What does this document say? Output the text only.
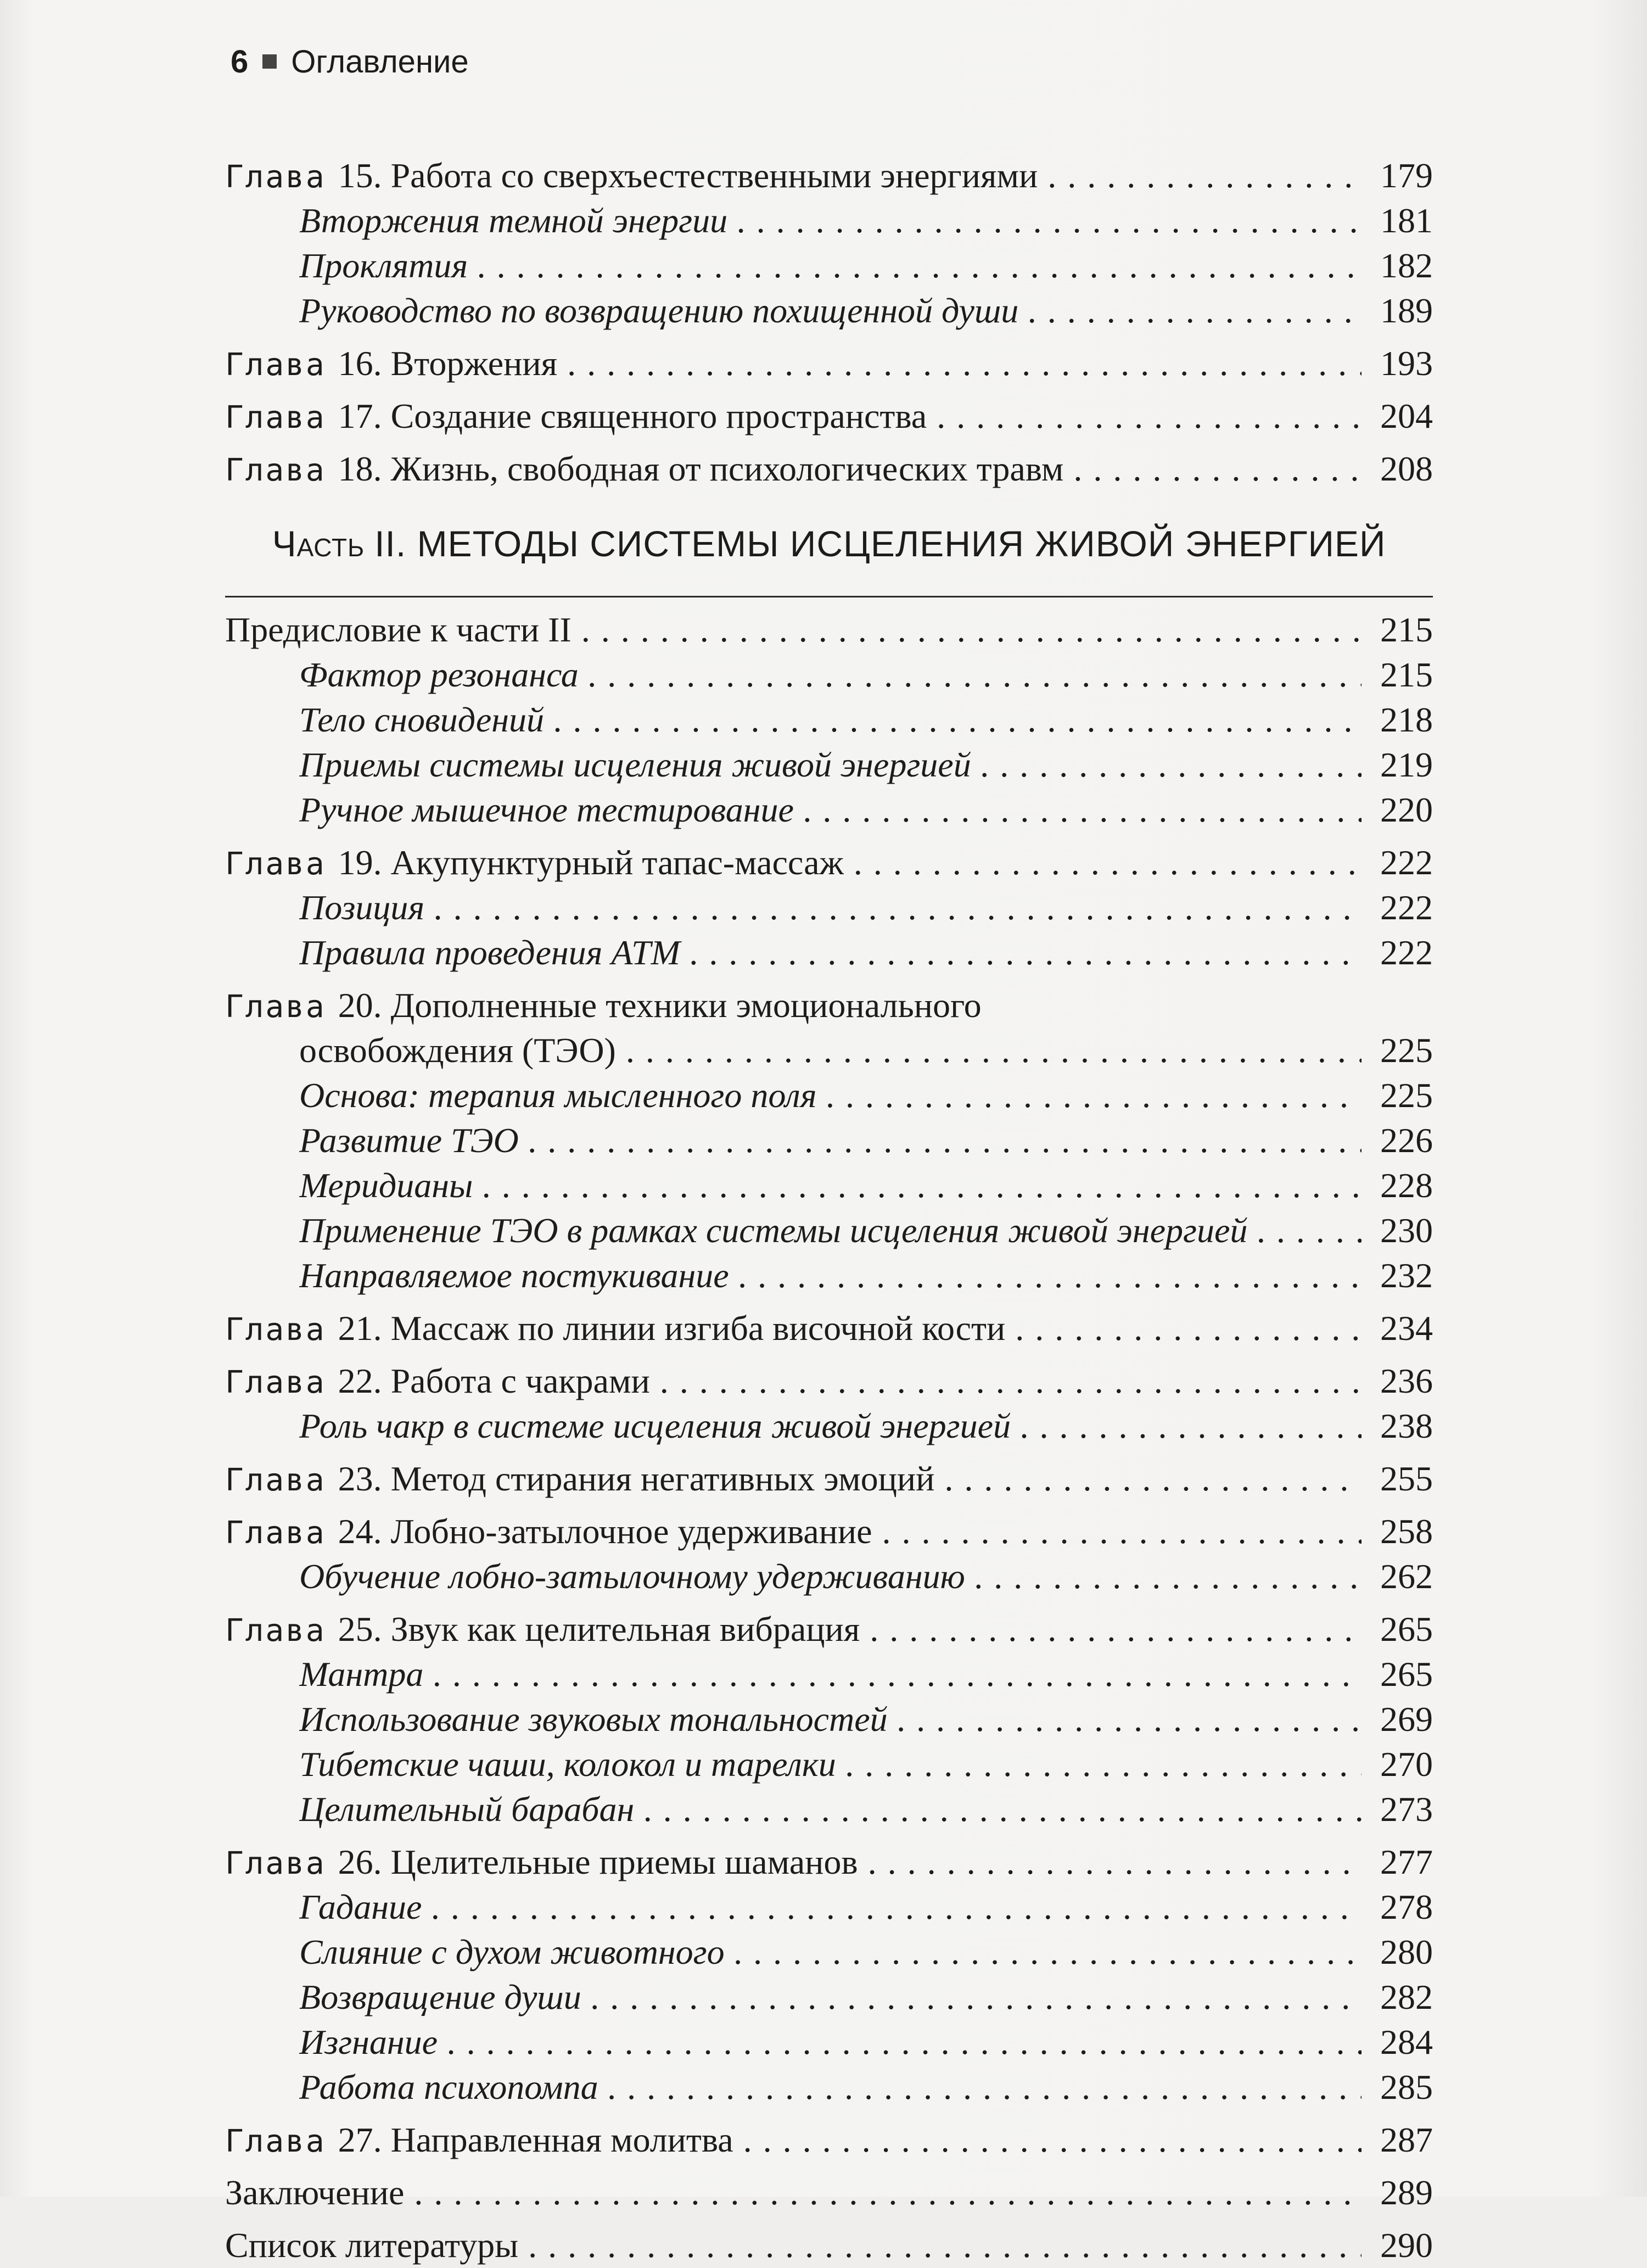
6 Оглавление
Глава 15. Работа со сверхъестественными энергиями . . .	179
Вторжения темной энергии . . .	181
Проклятия . . .	182
Руководство по возвращению похищенной души . . .	189
Глава 16. Вторжения . . .	193
Глава 17. Создание священного пространства . . .	204
Глава 18. Жизнь, свободная от психологических травм . . .	208
Часть II. МЕТОДЫ СИСТЕМЫ ИСЦЕЛЕНИЯ ЖИВОЙ ЭНЕРГИЕЙ
Предисловие к части II . . .	215
Фактор резонанса . . .	215
Тело сновидений . . .	218
Приемы системы исцеления живой энергией . . .	219
Ручное мышечное тестирование . . .	220
Глава 19. Акупунктурный тапас-массаж . . .	222
Позиция . . .	222
Правила проведения АТМ . . .	222
Глава 20. Дополненные техники эмоционального
освобождения (ТЭО) . . .	225
Основа: терапия мысленного поля . . .	225
Развитие ТЭО . . .	226
Меридианы . . .	228
Применение ТЭО в рамках системы исцеления живой энергией . . .	230
Направляемое постукивание . . .	232
Глава 21. Массаж по линии изгиба височной кости . . .	234
Глава 22. Работа с чакрами . . .	236
Роль чакр в системе исцеления живой энергией . . .	238
Глава 23. Метод стирания негативных эмоций . . .	255
Глава 24. Лобно-затылочное удерживание . . .	258
Обучение лобно-затылочному удерживанию . . .	262
Глава 25. Звук как целительная вибрация . . .	265
Мантра . . .	265
Использование звуковых тональностей . . .	269
Тибетские чаши, колокол и тарелки . . .	270
Целительный барабан . . .	273
Глава 26. Целительные приемы шаманов . . .	277
Гадание . . .	278
Слияние с духом животного . . .	280
Возвращение души . . .	282
Изгнание . . .	284
Работа психопомпа . . .	285
Глава 27. Направленная молитва . . .	287
Заключение . . .	289
Список литературы . . .	290
